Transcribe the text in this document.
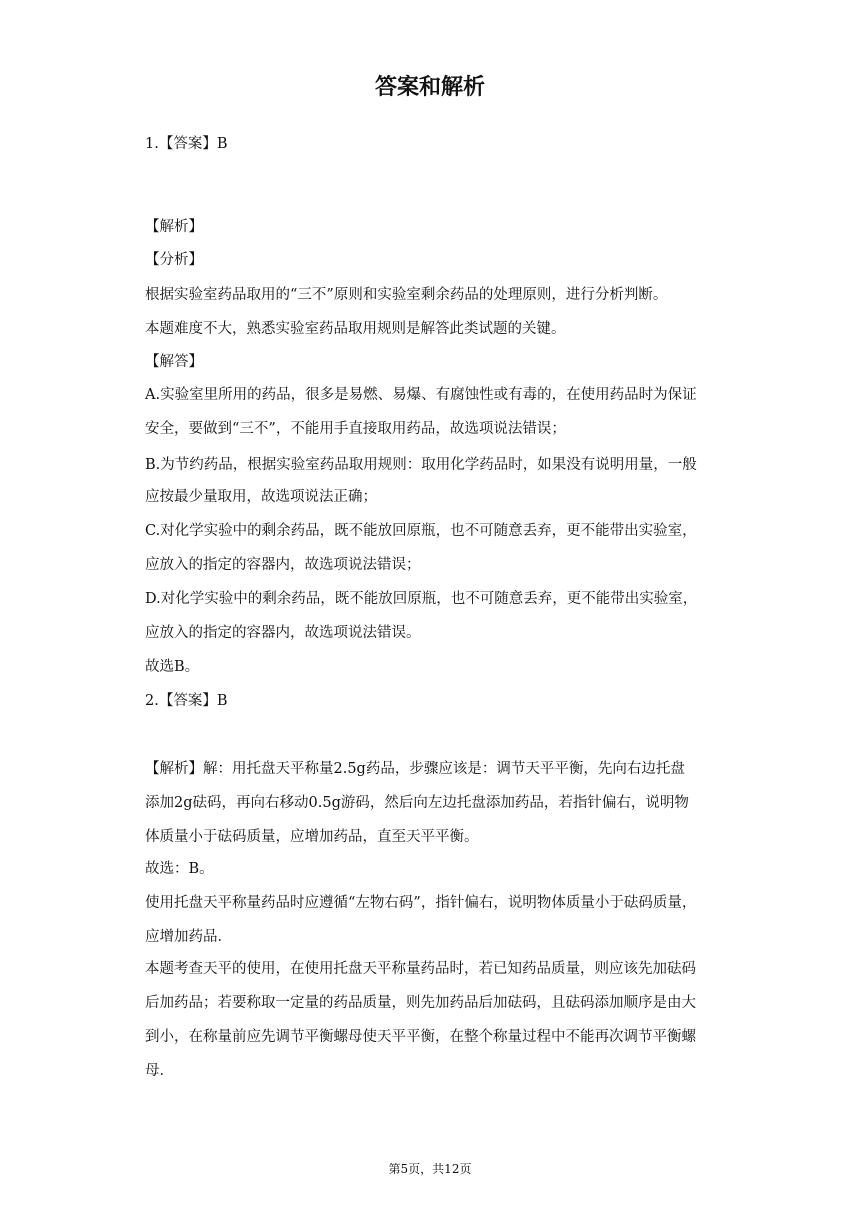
答案和解析
1.【答案】B
【解析】
【分析】
根据实验室药品取用的“三不”原则和实验室剩余药品的处理原则，进行分析判断。
本题难度不大，熟悉实验室药品取用规则是解答此类试题的关键。
【解答】
A.实验室里所用的药品，很多是易燃、易爆、有腐蚀性或有毒的，在使用药品时为保证
安全，要做到“三不”，不能用手直接取用药品，故选项说法错误；
B.为节约药品，根据实验室药品取用规则：取用化学药品时，如果没有说明用量，一般
应按最少量取用，故选项说法正确；
C.对化学实验中的剩余药品，既不能放回原瓶，也不可随意丢弃，更不能带出实验室，
应放入的指定的容器内，故选项说法错误；
D.对化学实验中的剩余药品，既不能放回原瓶，也不可随意丢弃，更不能带出实验室，
应放入的指定的容器内，故选项说法错误。
故选B。
2.【答案】B
【解析】解：用托盘天平称量2.5g药品，步骤应该是：调节天平平衡，先向右边托盘
添加2g砝码，再向右移动0.5g游码，然后向左边托盘添加药品，若指针偏右，说明物
体质量小于砝码质量，应增加药品，直至天平平衡。
故选：B。
使用托盘天平称量药品时应遵循“左物右码”，指针偏右，说明物体质量小于砝码质量，
应增加药品．
本题考查天平的使用，在使用托盘天平称量药品时，若已知药品质量，则应该先加砝码
后加药品；若要称取一定量的药品质量，则先加药品后加砝码，且砝码添加顺序是由大
到小，在称量前应先调节平衡螺母使天平平衡，在整个称量过程中不能再次调节平衡螺
母．
第5页，共12页
